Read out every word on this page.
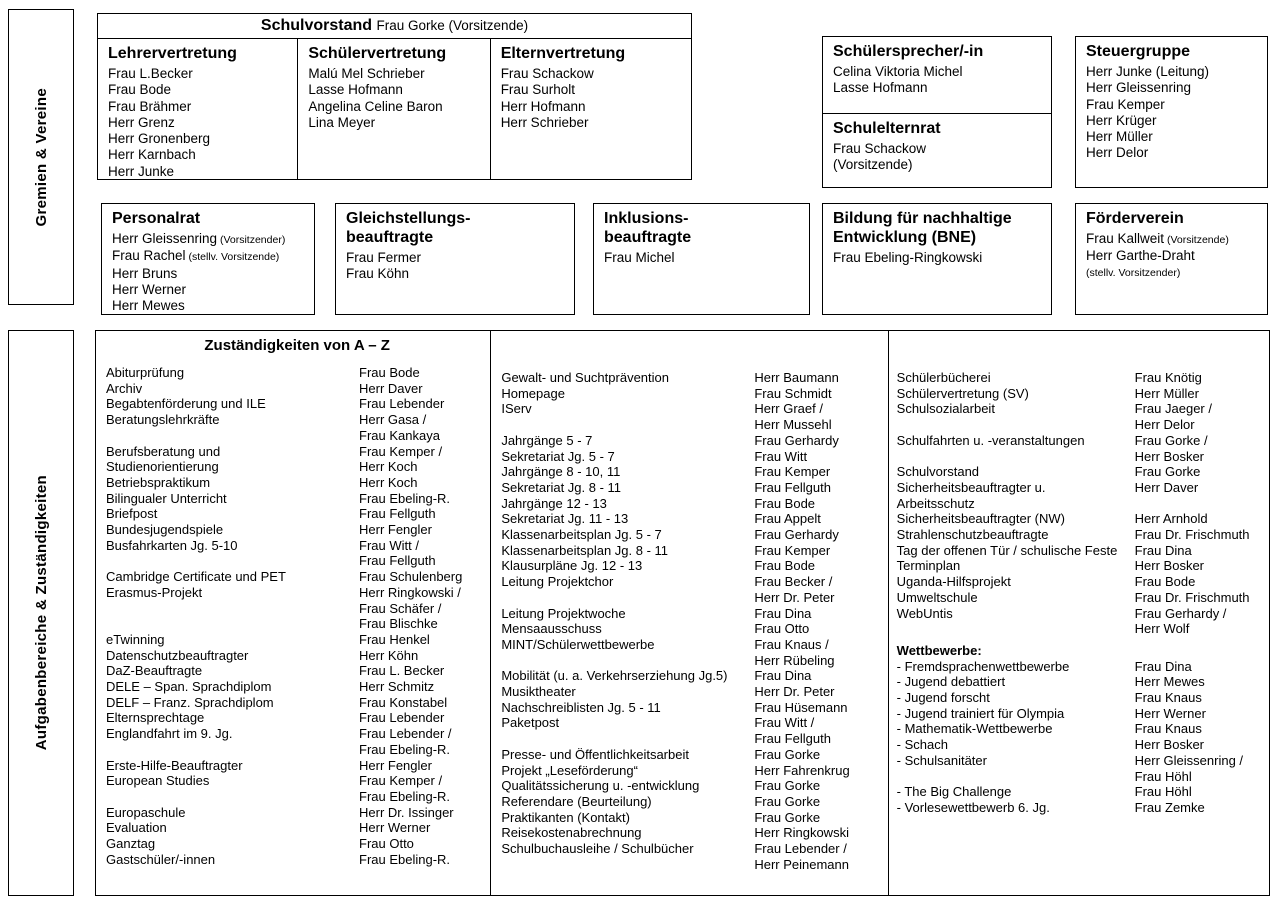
Gremien & Vereine
Aufgabenbereiche & Zuständigkeiten
Schulvorstand Frau Gorke (Vorsitzende)
Lehrervertretung
Frau L.Becker
Frau Bode
Frau Brähmer
Herr Grenz
Herr Gronenberg
Herr Karnbach
Herr Junke
Schülervertretung
Malú Mel Schrieber
Lasse Hofmann
Angelina Celine Baron
Lina Meyer
Elternvertretung
Frau Schackow
Frau Surholt
Herr Hofmann
Herr Schrieber
Schülersprecher/-in
Celina Viktoria Michel
Lasse Hofmann
Schulelternrat
Frau Schackow
(Vorsitzende)
Steuergruppe
Herr Junke (Leitung)
Herr Gleissenring
Frau Kemper
Herr Krüger
Herr Müller
Herr Delor
Personalrat
Herr Gleissenring (Vorsitzender)
Frau Rachel (stellv. Vorsitzende)
Herr Bruns
Herr Werner
Herr Mewes
Gleichstellungs-
beauftragte
Frau Fermer
Frau Köhn
Inklusions-
beauftragte
Frau Michel
Bildung für nachhaltige
Entwicklung (BNE)
Frau Ebeling-Ringkowski
Förderverein
Frau Kallweit (Vorsitzende)
Herr Garthe-Draht
(stellv. Vorsitzender)
Zuständigkeiten von A – Z
Abiturprüfung	Frau Bode
Archiv	Herr Daver
Begabtenförderung und ILE	Frau Lebender
Beratungslehrkräfte	Herr Gasa /
Frau Kankaya
Berufsberatung und	Frau Kemper /
Studienorientierung	Herr Koch
Betriebspraktikum	Herr Koch
Bilingualer Unterricht	Frau Ebeling-R.
Briefpost	Frau Fellguth
Bundesjugendspiele	Herr Fengler
Busfahrkarten Jg. 5-10	Frau Witt /
Frau Fellguth
Cambridge Certificate und PET	Frau Schulenberg
Erasmus-Projekt	Herr Ringkowski /
Frau Schäfer /
Frau Blischke
eTwinning	Frau Henkel
Datenschutzbeauftragter	Herr Köhn
DaZ-Beauftragte	Frau L. Becker
DELE – Span. Sprachdiplom	Herr Schmitz
DELF – Franz. Sprachdiplom	Frau Konstabel
Elternsprechtage	Frau Lebender
Englandfahrt im 9. Jg.	Frau Lebender /
Frau Ebeling-R.
Erste-Hilfe-Beauftragter	Herr Fengler
European Studies	Frau Kemper /
Frau Ebeling-R.
Europaschule	Herr Dr. Issinger
Evaluation	Herr Werner
Ganztag	Frau Otto
Gastschüler/-innen	Frau Ebeling-R.
Gewalt- und Suchtprävention	Herr Baumann
Homepage	Frau Schmidt
IServ	Herr Graef /
Herr Mussehl
Jahrgänge 5 - 7	Frau Gerhardy
Sekretariat Jg. 5 - 7	Frau Witt
Jahrgänge 8 - 10, 11	Frau Kemper
Sekretariat Jg. 8 - 11	Frau Fellguth
Jahrgänge 12 - 13	Frau Bode
Sekretariat Jg. 11 - 13	Frau Appelt
Klassenarbeitsplan Jg. 5 - 7	Frau Gerhardy
Klassenarbeitsplan Jg. 8 - 11	Frau Kemper
Klausurpläne Jg. 12 - 13	Frau Bode
Leitung Projektchor	Frau Becker /
Herr Dr. Peter
Leitung Projektwoche	Frau Dina
Mensaausschuss	Frau Otto
MINT/Schülerwettbewerbe	Frau Knaus /
Herr Rübeling
Mobilität (u. a. Verkehrserziehung Jg.5)	Frau Dina
Musiktheater	Herr Dr. Peter
Nachschreiblisten Jg. 5 - 11	Frau Hüsemann
Paketpost	Frau Witt /
Frau Fellguth
Presse- und Öffentlichkeitsarbeit	Frau Gorke
Projekt „Leseförderung“	Herr Fahrenkrug
Qualitätssicherung u. -entwicklung	Frau Gorke
Referendare (Beurteilung)	Frau Gorke
Praktikanten (Kontakt)	Frau Gorke
Reisekostenabrechnung	Herr Ringkowski
Schulbuchausleihe / Schulbücher	Frau Lebender /
Herr Peinemann
Schülerbücherei	Frau Knötig
Schülervertretung (SV)	Herr Müller
Schulsozialarbeit	Frau Jaeger /
Herr Delor
Schulfahrten u. -veranstaltungen	Frau Gorke /
Herr Bosker
Schulvorstand	Frau Gorke
Sicherheitsbeauftragter u.	Herr Daver
Arbeitsschutz
Sicherheitsbeauftragter (NW)	Herr Arnhold
Strahlenschutzbeauftragte	Frau Dr. Frischmuth
Tag der offenen Tür / schulische Feste	Frau Dina
Terminplan	Herr Bosker
Uganda-Hilfsprojekt	Frau Bode
Umweltschule	Frau Dr. Frischmuth
WebUntis	Frau Gerhardy /
Herr Wolf
Wettbewerbe:
- Fremdsprachenwettbewerbe	Frau Dina
- Jugend debattiert	Herr Mewes
- Jugend forscht	Frau Knaus
- Jugend trainiert für Olympia	Herr Werner
- Mathematik-Wettbewerbe	Frau Knaus
- Schach	Herr Bosker
- Schulsanitäter	Herr Gleissenring /
Frau Höhl
- The Big Challenge	Frau Höhl
- Vorlesewettbewerb 6. Jg.	Frau Zemke
